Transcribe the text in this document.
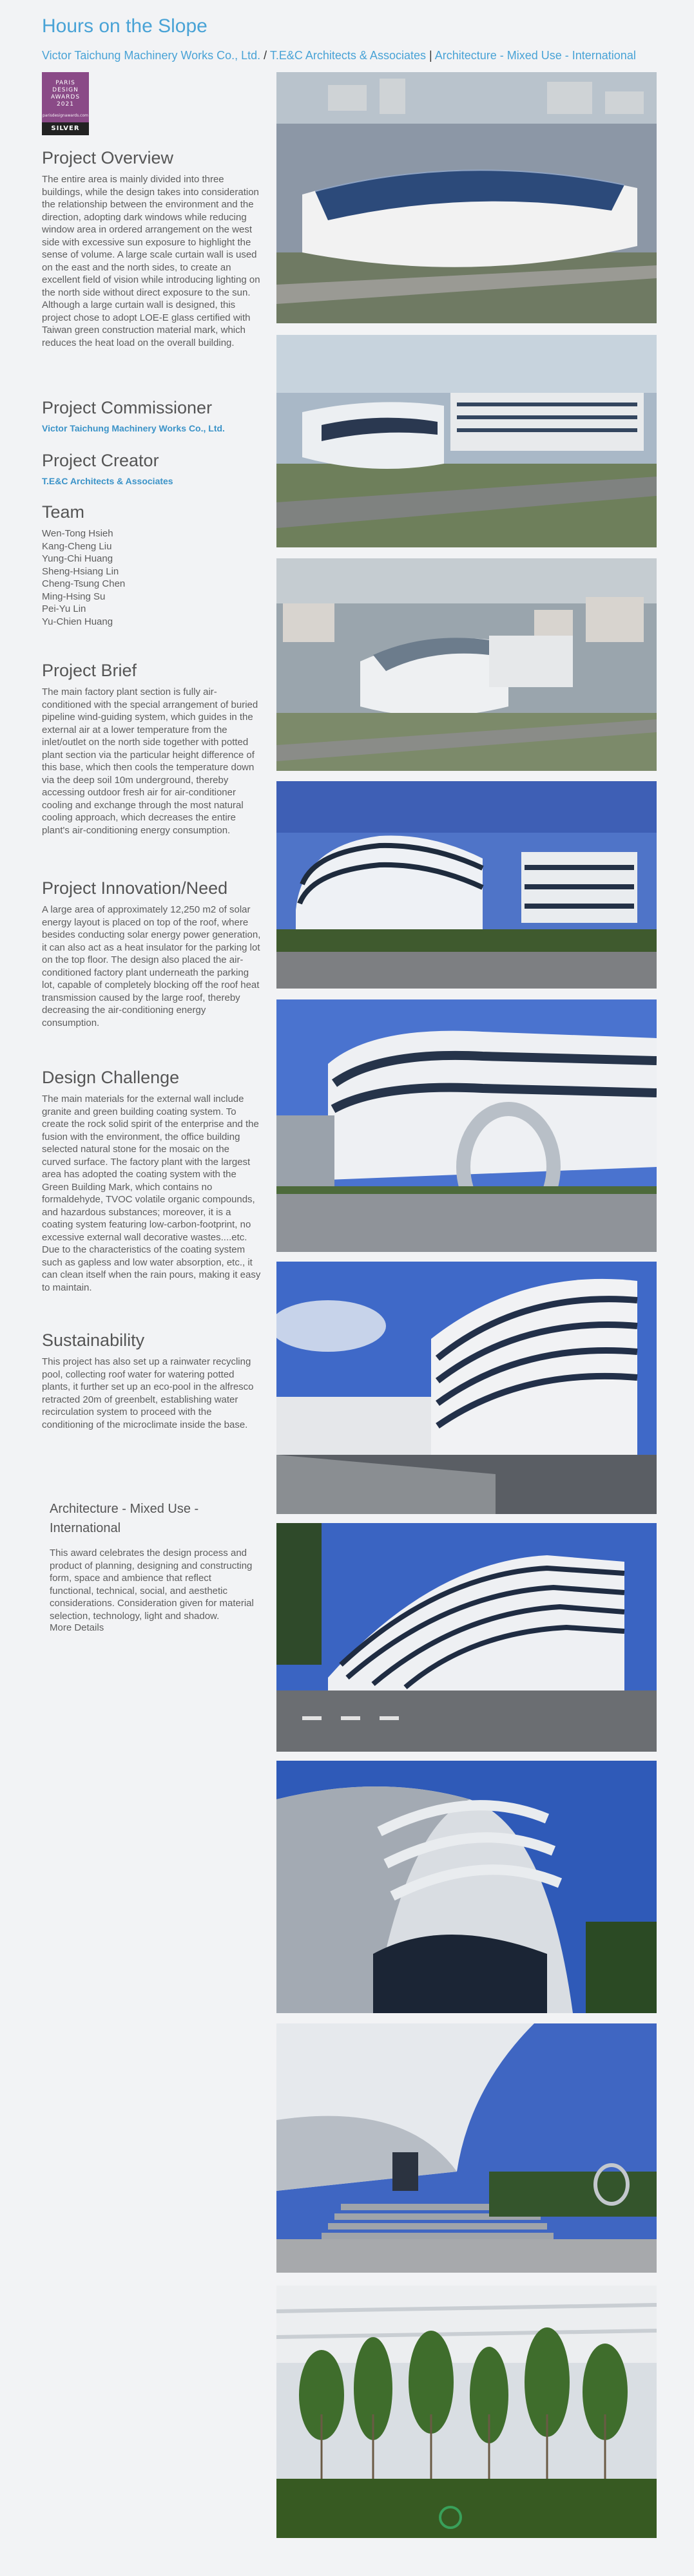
Hours on the Slope
Victor Taichung Machinery Works Co., Ltd. / T.E&C Architects & Associates | Architecture - Mixed Use - International
PARIS
DESIGN
AWARDS
2021
parisdesignawards.com
SILVER
Project Overview

The entire area is mainly divided into three buildings, while the design takes into consideration the relationship between the environment and the direction, adopting dark windows while reducing window area in ordered arrangement on the west side with excessive sun exposure to highlight the sense of volume. A large scale curtain wall is used on the east and the north sides, to create an excellent field of vision while introducing lighting on the north side without direct exposure to the sun. Although a large curtain wall is designed, this project chose to adopt LOE-E glass certified with Taiwan green construction material mark, which reduces the heat load on the overall building.

Project Commissioner

Victor Taichung Machinery Works Co., Ltd.

Project Creator

T.E&C Architects & Associates

Team
Wen-Tong Hsieh
Kang-Cheng Liu
Yung-Chi Huang
Sheng-Hsiang Lin
Cheng-Tsung Chen
Ming-Hsing Su
Pei-Yu Lin
Yu-Chien Huang
Project Brief

The main factory plant section is fully air-conditioned with the special arrangement of buried pipeline wind-guiding system, which guides in the external air at a lower temperature from the inlet/outlet on the north side together with potted plant section via the particular height difference of this base, which then cools the temperature down via the deep soil 10m underground, thereby accessing outdoor fresh air for air-conditioner cooling and exchange through the most natural cooling approach, which decreases the entire plant's air-conditioning energy consumption.

Project Innovation/Need

A large area of approximately 12,250 m2 of solar energy layout is placed on top of the roof, where besides conducting solar energy power generation, it can also act as a heat insulator for the parking lot on the top floor. The design also placed the air-conditioned factory plant underneath the parking lot, capable of completely blocking off the roof heat transmission caused by the large roof, thereby decreasing the air-conditioning energy consumption.

Design Challenge

The main materials for the external wall include granite and green building coating system. To create the rock solid spirit of the enterprise and the fusion with the environment, the office building selected natural stone for the mosaic on the curved surface. The factory plant with the largest area has adopted the coating system with the Green Building Mark, which contains no formaldehyde, TVOC volatile organic compounds, and hazardous substances; moreover, it is a coating system featuring low-carbon-footprint, no excessive external wall decorative wastes....etc. Due to the characteristics of the coating system such as gapless and low water absorption, etc., it can clean itself when the rain pours, making it easy to maintain.

Sustainability

This project has also set up a rainwater recycling pool, collecting roof water for watering potted plants, it further set up an eco-pool in the alfresco retracted 20m of greenbelt, establishing water recirculation system to proceed with the conditioning of the microclimate inside the base.

Architecture - Mixed Use - International

This award celebrates the design process and product of planning, designing and constructing form, space and ambience that reflect functional, technical, social, and aesthetic considerations. Consideration given for material selection, technology, light and shadow.

More Details
